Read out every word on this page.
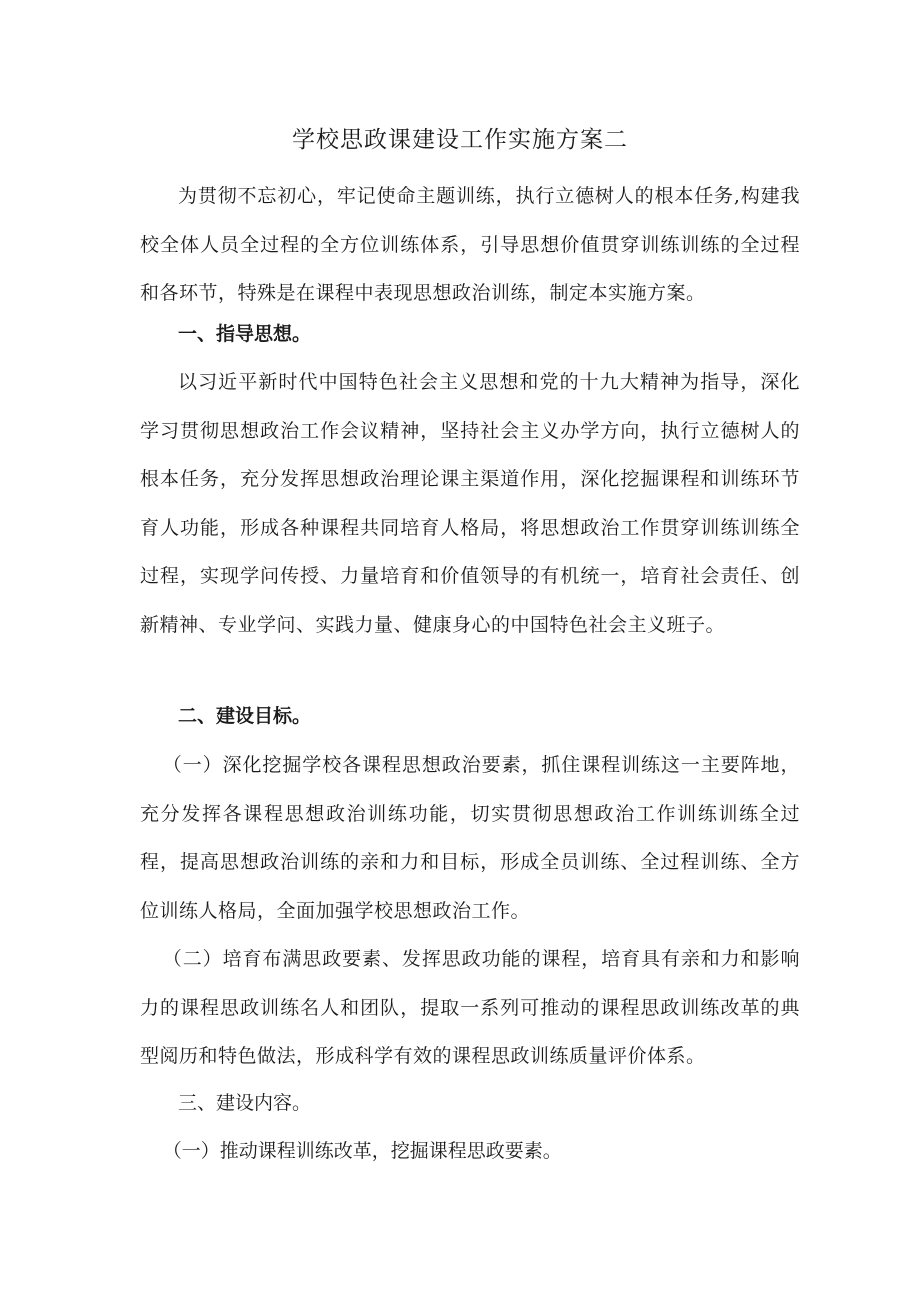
学校思政课建设工作实施方案二

为贯彻不忘初心，牢记使命主题训练，执行立德树人的根本任务,构建我校全体人员全过程的全方位训练体系，引导思想价值贯穿训练训练的全过程和各环节，特殊是在课程中表现思想政治训练，制定本实施方案。

一、指导思想。

以习近平新时代中国特色社会主义思想和党的十九大精神为指导，深化学习贯彻思想政治工作会议精神，坚持社会主义办学方向，执行立德树人的根本任务，充分发挥思想政治理论课主渠道作用，深化挖掘课程和训练环节育人功能，形成各种课程共同培育人格局，将思想政治工作贯穿训练训练全过程，实现学问传授、力量培育和价值领导的有机统一，培育社会责任、创新精神、专业学问、实践力量、健康身心的中国特色社会主义班子。

二、建设目标。

（一）深化挖掘学校各课程思想政治要素，抓住课程训练这一主要阵地，充分发挥各课程思想政治训练功能，切实贯彻思想政治工作训练训练全过程，提高思想政治训练的亲和力和目标，形成全员训练、全过程训练、全方位训练人格局，全面加强学校思想政治工作。

（二）培育布满思政要素、发挥思政功能的课程，培育具有亲和力和影响力的课程思政训练名人和团队，提取一系列可推动的课程思政训练改革的典型阅历和特色做法，形成科学有效的课程思政训练质量评价体系。

三、建设内容。

（一）推动课程训练改革，挖掘课程思政要素。
